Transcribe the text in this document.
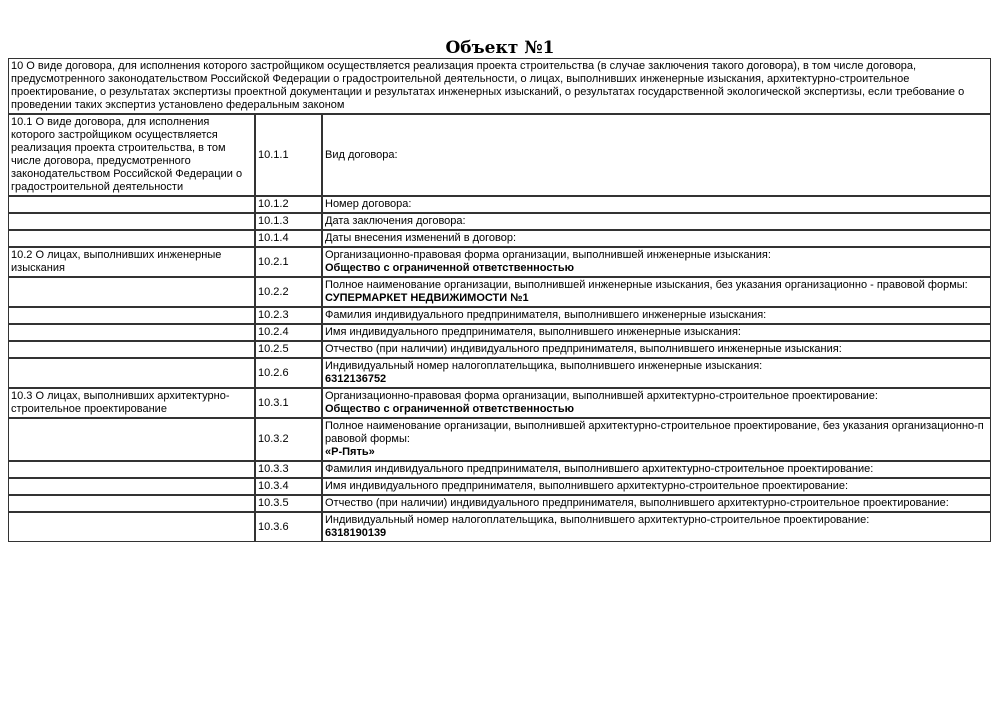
Объект №1
10 О виде договора, для исполнения которого застройщиком осуществляется реализация проекта строительства (в случае заключения такого договора), в том числе договора, предусмотренного законодательством Российской Федерации о градостроительной деятельности, о лицах, выполнивших инженерные изыскания, архитектурно-строительное проектирование, о результатах экспертизы проектной документации и результатах инженерных изысканий, о результатах государственной экологической экспертизы, если требование о проведении таких экспертиз установлено федеральным законом		
10.1 О виде договора, для исполнения которого застройщиком осуществляется реализация проекта строительства, в том числе договора, предусмотренного законодательством Российской Федерации о градостроительной деятельности	10.1.1	Вид договора:

	10.1.2	Номер договора:

	10.1.3	Дата заключения договора:

	10.1.4	Даты внесения изменений в договор:

10.2 О лицах, выполнивших инженерные изыскания	10.2.1	Организационно-правовая форма организации, выполнившей инженерные изыскания:
Общество с ограниченной ответственностью

	10.2.2	Полное наименование организации, выполнившей инженерные изыскания, без указания организационно - правовой формы:
СУПЕРМАРКЕТ НЕДВИЖИМОСТИ №1

	10.2.3	Фамилия индивидуального предпринимателя, выполнившего инженерные изыскания:

	10.2.4	Имя индивидуального предпринимателя, выполнившего инженерные изыскания:

	10.2.5	Отчество (при наличии) индивидуального предпринимателя, выполнившего инженерные изыскания:

	10.2.6	Индивидуальный номер налогоплательщика, выполнившего инженерные изыскания:
6312136752

10.3 О лицах, выполнивших архитектурно-строительное проектирование	10.3.1	Организационно-правовая форма организации, выполнившей архитектурно-строительное проектирование:
Общество с ограниченной ответственностью

	10.3.2	Полное наименование организации, выполнившей архитектурно-строительное проектирование, без указания организационно-правовой формы:
«Р-Пять»

	10.3.3	Фамилия индивидуального предпринимателя, выполнившего архитектурно-строительное проектирование:

	10.3.4	Имя индивидуального предпринимателя, выполнившего архитектурно-строительное проектирование:

	10.3.5	Отчество (при наличии) индивидуального предпринимателя, выполнившего архитектурно-строительное проектирование:

	10.3.6	Индивидуальный номер налогоплательщика, выполнившего архитектурно-строительное проектирование:
6318190139
